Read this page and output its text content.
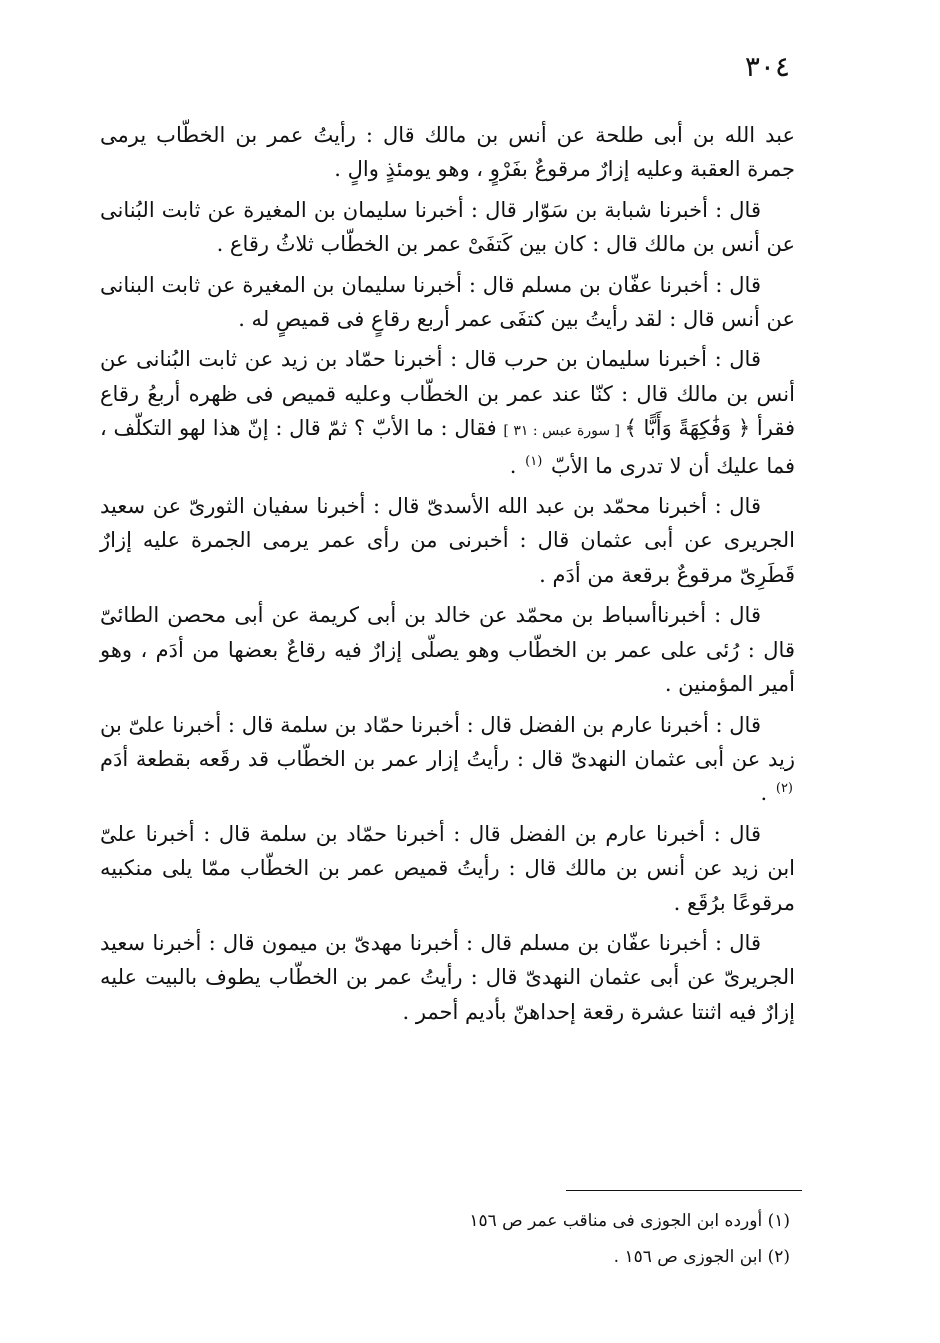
٣٠٤

عبد الله بن أبى طلحة عن أنس بن مالك قال : رأيتُ عمر بن الخطّاب يرمى جمرة العقبة وعليه إزارٌ مرقوعٌ بفَرْوٍ ، وهو يومئذٍ والٍ .

قال : أخبرنا شبابة بن سَوّار قال : أخبرنا سليمان بن المغيرة عن ثابت البُنانى عن أنس بن مالك قال : كان بين كَتفَىْ عمر بن الخطّاب ثلاثُ رقاع .

قال : أخبرنا عفّان بن مسلم قال : أخبرنا سليمان بن المغيرة عن ثابت البنانى عن أنس قال : لقد رأيتُ بين كتفَى عمر أربع رقاعٍ فى قميصٍ له .

قال : أخبرنا سليمان بن حرب قال : أخبرنا حمّاد بن زيد عن ثابت البُنانى عن أنس بن مالك قال : كنّا عند عمر بن الخطّاب وعليه قميص فى ظهره أربعُ رقاع فقرأ ﴿ وَفَٰكِهَةً وَأَبًّا ﴾ [ سورة عبس : ٣١ ] فقال : ما الأبّ ؟ ثمّ قال : إنّ هذا لهو التكلّف ، فما عليك أن لا تدرى ما الأبّ $^{(١)}$ .

قال : أخبرنا محمّد بن عبد الله الأسدىّ قال : أخبرنا سفيان الثورىّ عن سعيد الجريرى عن أبى عثمان قال : أخبرنى من رأى عمر يرمى الجمرة عليه إزارٌ قَطَرِىّ مرقوعٌ برقعة من أدَم .

قال : أخبرناأسباط بن محمّد عن خالد بن أبى كريمة عن أبى محصن الطائىّ قال : رُئى على عمر بن الخطّاب وهو يصلّى إزارٌ فيه رقاعٌ بعضها من أدَم ، وهو أمير المؤمنين .

قال : أخبرنا عارم بن الفضل قال : أخبرنا حمّاد بن سلمة قال : أخبرنا علىّ بن زيد عن أبى عثمان النهدىّ قال : رأيتُ إزار عمر بن الخطّاب قد رقَعه بقطعة أدَم $^{(٢)}$ .

قال : أخبرنا عارم بن الفضل قال : أخبرنا حمّاد بن سلمة قال : أخبرنا علىّ ابن زيد عن أنس بن مالك قال : رأيتُ قميص عمر بن الخطّاب ممّا يلى منكبيه مرقوعًا برُقَع .

قال : أخبرنا عفّان بن مسلم قال : أخبرنا مهدىّ بن ميمون قال : أخبرنا سعيد الجريرىّ عن أبى عثمان النهدىّ قال : رأيتُ عمر بن الخطّاب يطوف بالبيت عليه إزارٌ فيه اثنتا عشرة رقعة إحداهنّ بأديم أحمر .

(١) أورده ابن الجوزى فى مناقب عمر ص ١٥٦
(٢) ابن الجوزى ص ١٥٦ .
